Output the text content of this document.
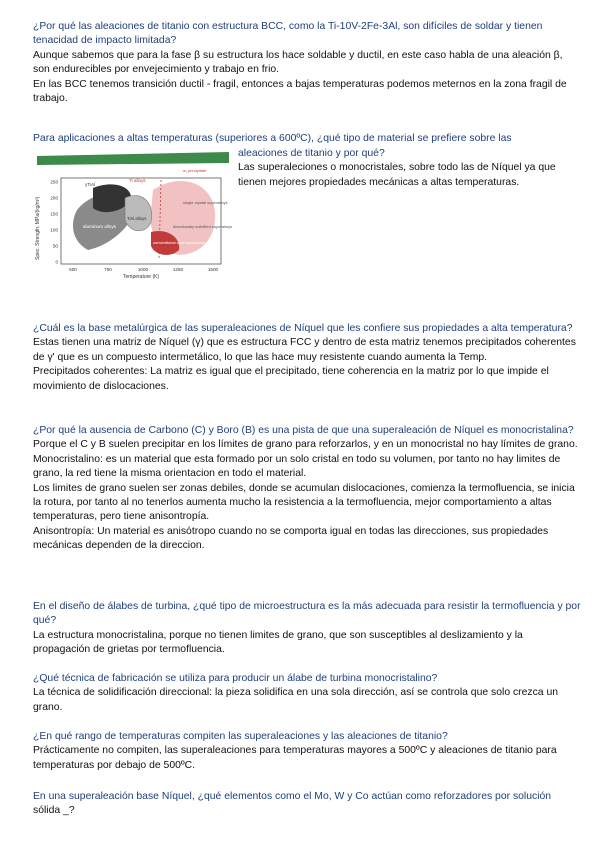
¿Por qué las aleaciones de titanio con estructura BCC, como la Ti-10V-2Fe-3Al, son difíciles de soldar y tienen tenacidad de impacto limitada?

Aunque sabemos que para la fase β su estructura los hace soldable y ductil, en este caso habla de una aleación β, son endurecibles por envejecimiento y trabajo en frio.

En las BCC tenemos transición ductil - fragil, entonces a bajas temperaturas podemos meternos en la zona fragil de trabajo.

Para aplicaciones a altas temperaturas (superiores a 600ºC), ¿qué tipo de material se prefiere sobre las

500	750	1000	1250	1500
250
200
150
100
50
0
Spec. Strength, MPa/(kg/m³)
Temperature (K)
γTiAl
Ti alloys
aluminum alloys
TiAl alloys
single crystal superalloys
directionally solidified superalloys
conventional cast superalloys
α₂ precipitate

aleaciones de titanio y por qué?

Las superaleciones o monocristales, sobre todo las de Níquel ya que tienen mejores propiedades mecánicas a altas temperaturas.

¿Cuál es la base metalúrgica de las superaleaciones de Níquel que les confiere sus propiedades a alta temperatura?

Estas tienen una matriz de Níquel (γ) que es estructura FCC y dentro de esta matriz tenemos precipitados coherentes de γ' que es un compuesto intermetálico, lo que las hace muy resistente cuando aumenta la Temp.

Precipitados coherentes: La matriz es igual que el precipitado, tiene coherencia en la matriz por lo que impide el movimiento de dislocaciones.

¿Por qué la ausencia de Carbono (C) y Boro (B) es una pista de que una superaleación de Níquel es monocristalina?

Porque el C y B suelen precipitar en los límites de grano para reforzarlos, y en un monocristal no hay límites de grano.

Monocristalino: es un material que esta formado por un solo cristal en todo su volumen, por tanto no hay limites de grano, la red tiene la misma orientacion en todo el material.

Los limites de grano suelen ser zonas debiles, donde se acumulan dislocaciones, comienza la termofluencia, se inicia la rotura, por tanto al no tenerlos aumenta mucho la resistencia a la termofluencia, mejor comportamiento a altas temperaturas, pero tiene anisontropía.

Anisontropía: Un material es anisótropo cuando no se comporta igual en todas las direcciones, sus propiedades mecánicas dependen de la direccion.

En el diseño de álabes de turbina, ¿qué tipo de microestructura es la más adecuada para resistir la termofluencia y por qué?

La estructura monocristalina, porque no tienen limites de grano, que son susceptibles al deslizamiento y la propagación de grietas por termofluencia.

¿Qué técnica de fabricación se utiliza para producir un álabe de turbina monocristalino?

La técnica de solidificación direccional: la pieza solidifica en una sola dirección, así se controla que solo crezca un grano.

¿En qué rango de temperaturas compiten las superaleaciones y las aleaciones de titanio?

Prácticamente no compiten, las superaleaciones para temperaturas mayores a 500ºC y aleaciones de titanio para temperaturas por debajo de 500ºC.

En una superaleación base Níquel, ¿qué elementos como el Mo, W y Co actúan como reforzadores por solución sólida _?
